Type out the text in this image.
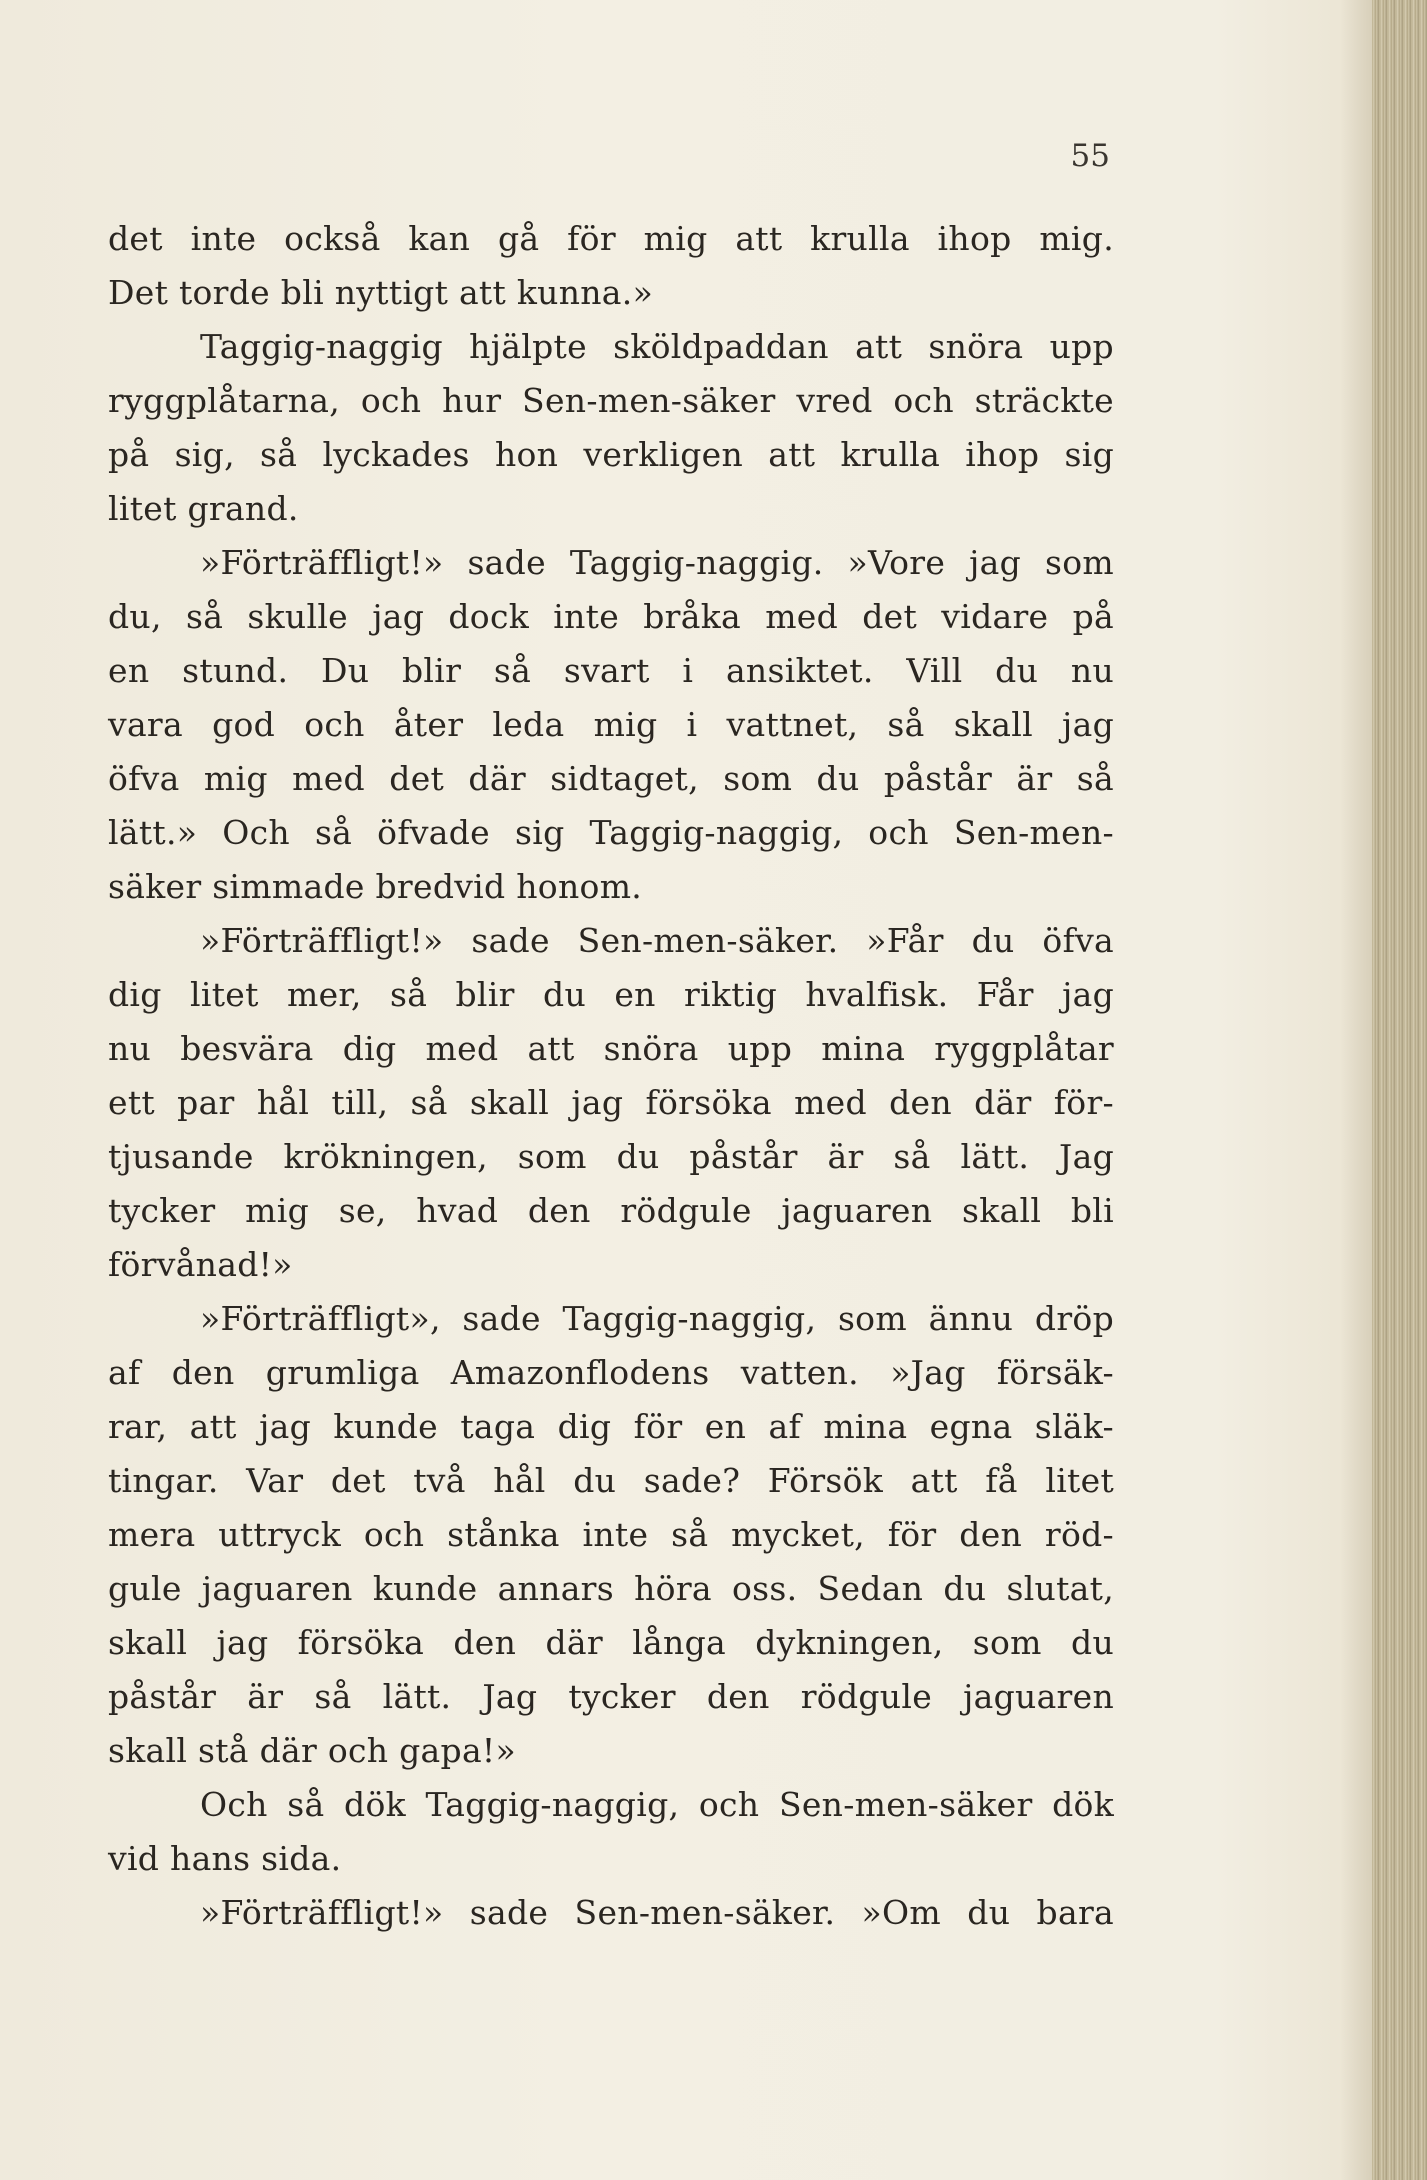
55
det inte också kan gå för mig att krulla ihop mig.
Det torde bli nyttigt att kunna.»
Taggig-naggig hjälpte sköldpaddan att snöra upp
ryggplåtarna, och hur Sen-men-säker vred och sträckte
på sig, så lyckades hon verkligen att krulla ihop sig
litet grand.
»Förträffligt!» sade Taggig-naggig. »Vore jag som
du, så skulle jag dock inte bråka med det vidare på
en stund. Du blir så svart i ansiktet. Vill du nu
vara god och åter leda mig i vattnet, så skall jag
öfva mig med det där sidtaget, som du påstår är så
lätt.» Och så öfvade sig Taggig-naggig, och Sen-men-
säker simmade bredvid honom.
»Förträffligt!» sade Sen-men-säker. »Får du öfva
dig litet mer, så blir du en riktig hvalfisk. Får jag
nu besvära dig med att snöra upp mina ryggplåtar
ett par hål till, så skall jag försöka med den där för-
tjusande krökningen, som du påstår är så lätt. Jag
tycker mig se, hvad den rödgule jaguaren skall bli
förvånad!»
»Förträffligt», sade Taggig-naggig, som ännu dröp
af den grumliga Amazonflodens vatten. »Jag försäk-
rar, att jag kunde taga dig för en af mina egna släk-
tingar. Var det två hål du sade? Försök att få litet
mera uttryck och stånka inte så mycket, för den röd-
gule jaguaren kunde annars höra oss. Sedan du slutat,
skall jag försöka den där långa dykningen, som du
påstår är så lätt. Jag tycker den rödgule jaguaren
skall stå där och gapa!»
Och så dök Taggig-naggig, och Sen-men-säker dök
vid hans sida.
»Förträffligt!» sade Sen-men-säker. »Om du bara
